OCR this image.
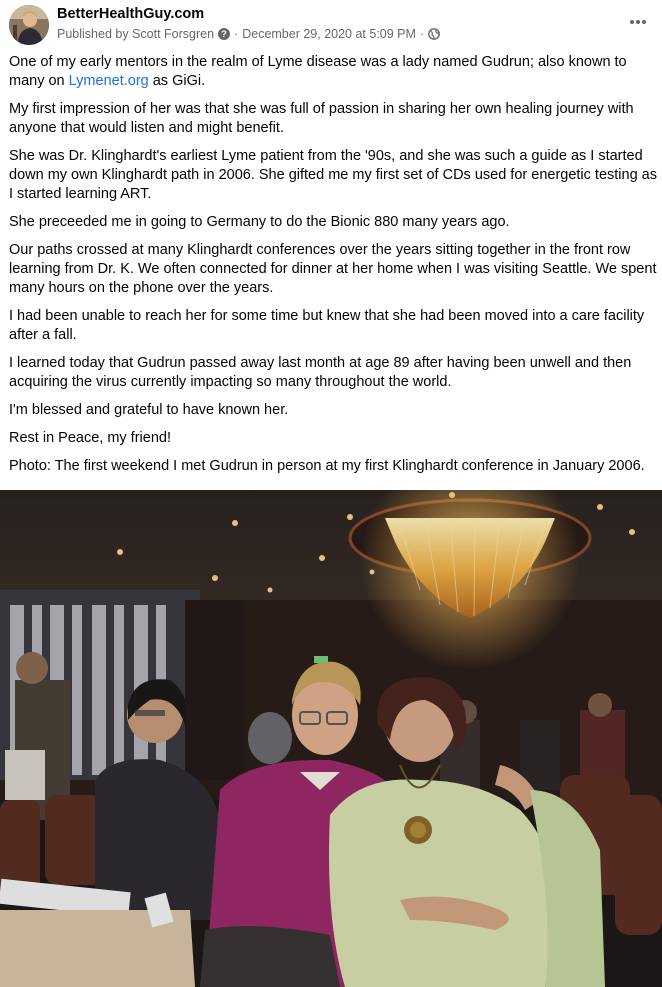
BetterHealthGuy.com
Published by
Scott Forsgren ? · December 29, 2020 at 5:09 PM ·

One of my early mentors in the realm of Lyme disease was a lady named Gudrun; also known to many on Lymenet.org as GiGi.

My first impression of her was that she was full of passion in sharing her own healing journey with anyone that would listen and might benefit.

She was Dr. Klinghardt's earliest Lyme patient from the '90s, and she was such a guide as I started down my own Klinghardt path in 2006. She gifted me my first set of CDs used for energetic testing as I started learning ART.

She preceeded me in going to Germany to do the Bionic 880 many years ago.

Our paths crossed at many Klinghardt conferences over the years sitting together in the front row learning from Dr. K. We often connected for dinner at her home when I was visiting Seattle. We spent many hours on the phone over the years.

I had been unable to reach her for some time but knew that she had been moved into a care facility after a fall.

I learned today that Gudrun passed away last month at age 89 after having been unwell and then acquiring the virus currently impacting so many throughout the world.

I'm blessed and grateful to have known her.

Rest in Peace, my friend!

Photo: The first weekend I met Gudrun in person at my first Klinghardt conference in January 2006.
